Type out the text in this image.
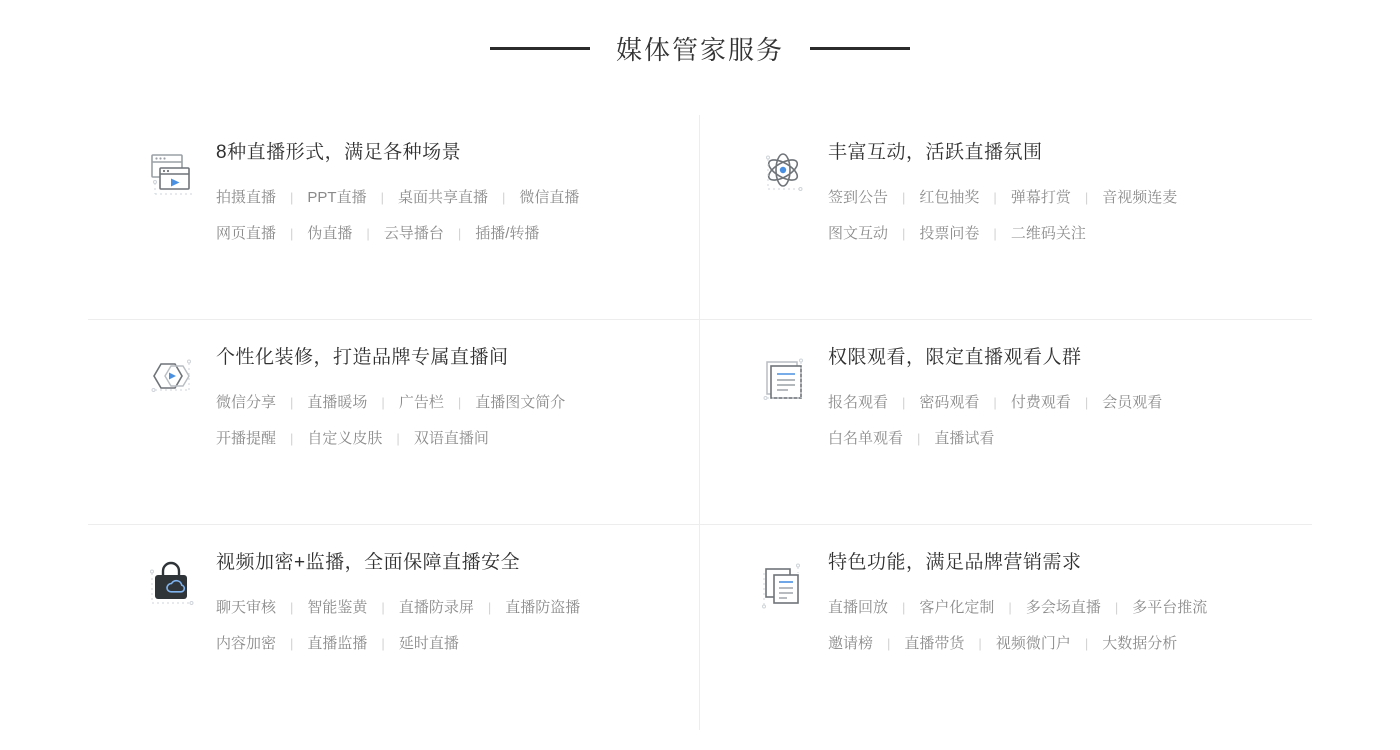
媒体管家服务
8种直播形式，满足各种场景
拍摄直播	| PPT直播	| 桌面共享直播	| 微信直播
网页直播	| 伪直播	| 云导播台	| 插播/转播
丰富互动，活跃直播氛围
签到公告	| 红包抽奖	| 弹幕打赏	| 音视频连麦
图文互动	| 投票问卷	| 二维码关注
个性化装修，打造品牌专属直播间
微信分享	| 直播暖场	| 广告栏	| 直播图文简介
开播提醒	| 自定义皮肤	| 双语直播间
权限观看，限定直播观看人群
报名观看	| 密码观看	| 付费观看	| 会员观看
白名单观看	| 直播试看
视频加密+监播，全面保障直播安全
聊天审核	| 智能鉴黄	| 直播防录屏	| 直播防盗播
内容加密	| 直播监播	| 延时直播
特色功能，满足品牌营销需求
直播回放	| 客户化定制	| 多会场直播	| 多平台推流
邀请榜	| 直播带货	| 视频微门户	| 大数据分析
